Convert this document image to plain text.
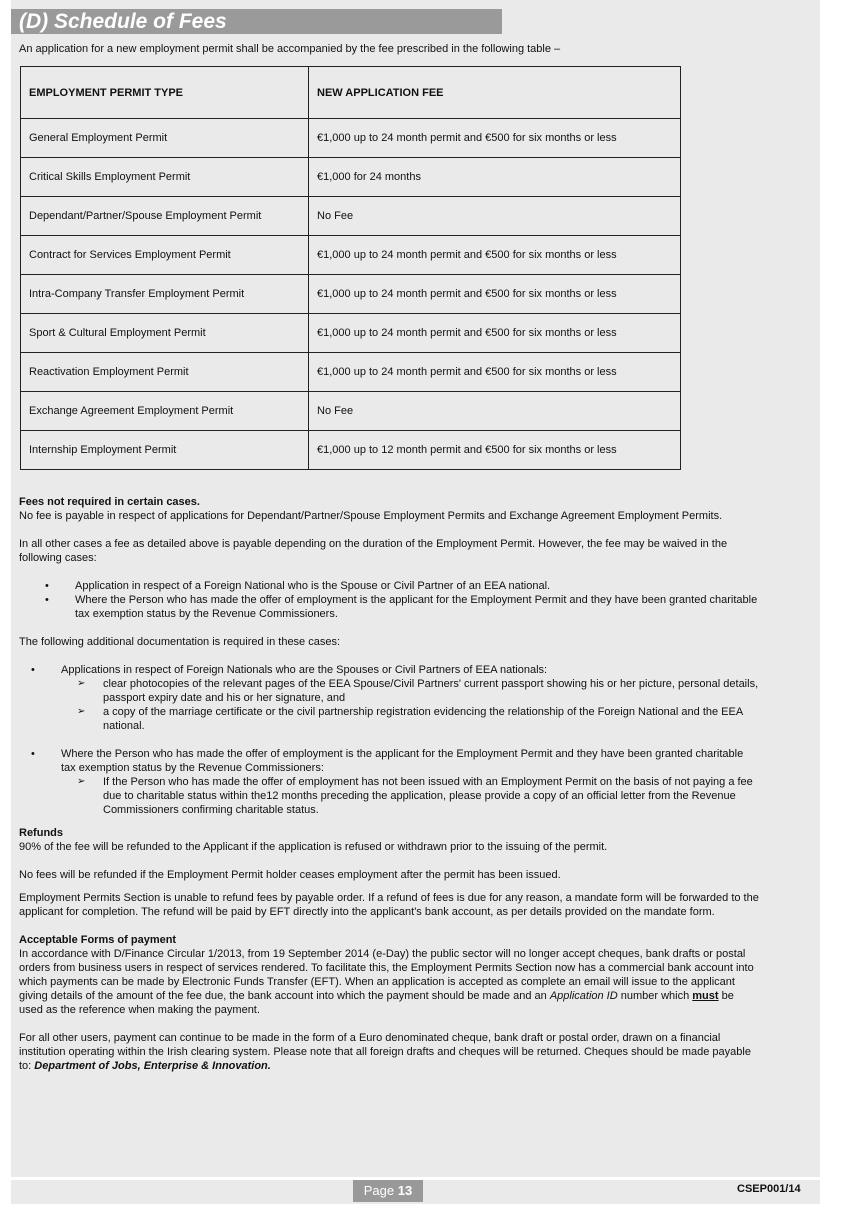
(D) Schedule of Fees

An application for a new employment permit shall be accompanied by the fee prescribed in the following table –

EMPLOYMENT PERMIT TYPE	NEW APPLICATION FEE
General Employment Permit	€1,000 up to 24 month permit and €500 for six months or less
Critical Skills Employment Permit	€1,000 for 24 months
Dependant/Partner/Spouse Employment Permit	No Fee
Contract for Services Employment Permit	€1,000 up to 24 month permit and €500 for six months or less
Intra-Company Transfer Employment Permit	€1,000 up to 24 month permit and €500 for six months or less
Sport & Cultural Employment Permit	€1,000 up to 24 month permit and €500 for six months or less
Reactivation Employment Permit	€1,000 up to 24 month permit and €500 for six months or less
Exchange Agreement Employment Permit	No Fee
Internship Employment Permit	€1,000 up to 12 month permit and €500 for six months or less

Fees not required in certain cases.

No fee is payable in respect of applications for Dependant/Partner/Spouse Employment Permits and Exchange Agreement Employment Permits.

In all other cases a fee as detailed above is payable depending on the duration of the Employment Permit. However, the fee may be waived in the following cases:

• Application in respect of a Foreign National who is the Spouse or Civil Partner of an EEA national.
• Where the Person who has made the offer of employment is the applicant for the Employment Permit and they have been granted charitable tax exemption status by the Revenue Commissioners.

The following additional documentation is required in these cases:

• Applications in respect of Foreign Nationals who are the Spouses or Civil Partners of EEA nationals:
➢ clear photocopies of the relevant pages of the EEA Spouse/Civil Partners' current passport showing his or her picture, personal details, passport expiry date and his or her signature, and
➢ a copy of the marriage certificate or the civil partnership registration evidencing the relationship of the Foreign National and the EEA national.
• Where the Person who has made the offer of employment is the applicant for the Employment Permit and they have been granted charitable tax exemption status by the Revenue Commissioners:
➢ If the Person who has made the offer of employment has not been issued with an Employment Permit on the basis of not paying a fee due to charitable status within the12 months preceding the application, please provide a copy of an official letter from the Revenue Commissioners confirming charitable status.

Refunds

90% of the fee will be refunded to the Applicant if the application is refused or withdrawn prior to the issuing of the permit.

No fees will be refunded if the Employment Permit holder ceases employment after the permit has been issued.

Employment Permits Section is unable to refund fees by payable order. If a refund of fees is due for any reason, a mandate form will be forwarded to the applicant for completion. The refund will be paid by EFT directly into the applicant's bank account, as per details provided on the mandate form.

Acceptable Forms of payment

In accordance with D/Finance Circular 1/2013, from 19 September 2014 (e-Day) the public sector will no longer accept cheques, bank drafts or postal orders from business users in respect of services rendered. To facilitate this, the Employment Permits Section now has a commercial bank account into which payments can be made by Electronic Funds Transfer (EFT). When an application is accepted as complete an email will issue to the applicant giving details of the amount of the fee due, the bank account into which the payment should be made and an Application ID number which must be used as the reference when making the payment.

For all other users, payment can continue to be made in the form of a Euro denominated cheque, bank draft or postal order, drawn on a financial institution operating within the Irish clearing system. Please note that all foreign drafts and cheques will be returned. Cheques should be made payable to: Department of Jobs, Enterprise & Innovation.

Page 13	CSEP001/14
